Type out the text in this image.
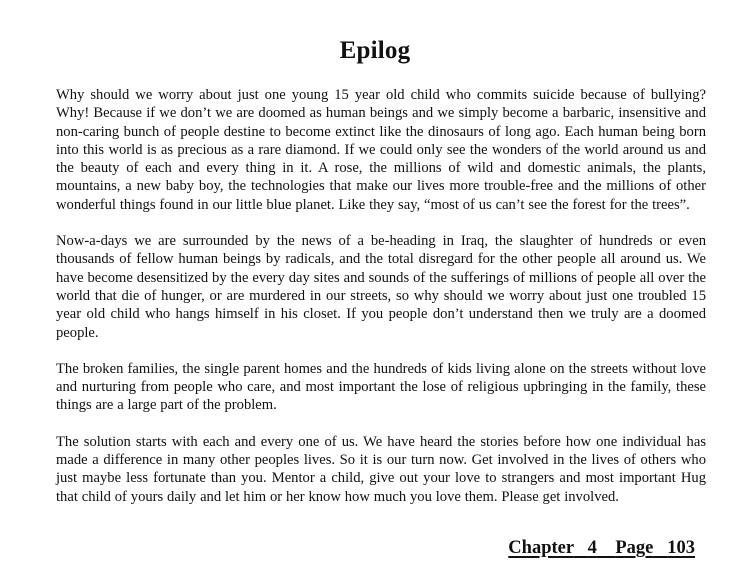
Epilog

Why should we worry about just one young 15 year old child who commits suicide because of bullying? Why! Because if we don’t we are doomed as human beings and we simply become a barbaric, insensitive and non-caring bunch of people destine to become extinct like the dinosaurs of long ago. Each human being born into this world is as precious as a rare diamond. If we could only see the wonders of the world around us and the beauty of each and every thing in it. A rose, the millions of wild and domestic animals, the plants, mountains, a new baby boy, the technologies that make our lives more trouble-free and the millions of other wonderful things found in our little blue planet. Like they say, “most of us can’t see the forest for the trees”.

Now-a-days we are surrounded by the news of a be-heading in Iraq, the slaughter of hundreds or even thousands of fellow human beings by radicals, and the total disregard for the other people all around us. We have become desensitized by the every day sites and sounds of the sufferings of millions of people all over the world that die of hunger, or are murdered in our streets, so why should we worry about just one troubled 15 year old child who hangs himself in his closet. If you people don’t understand then we truly are a doomed people.

The broken families, the single parent homes and the hundreds of kids living alone on the streets without love and nurturing from people who care, and most important the lose of religious upbringing in the family, these things are a large part of the problem.

The solution starts with each and every one of us. We have heard the stories before how one individual has made a difference in many other peoples lives. So it is our turn now. Get involved in the lives of others who just maybe less fortunate than you. Mentor a child, give out your love to strangers and most important Hug that child of yours daily and let him or her know how much you love them. Please get involved.

Chapter 4 Page 103
